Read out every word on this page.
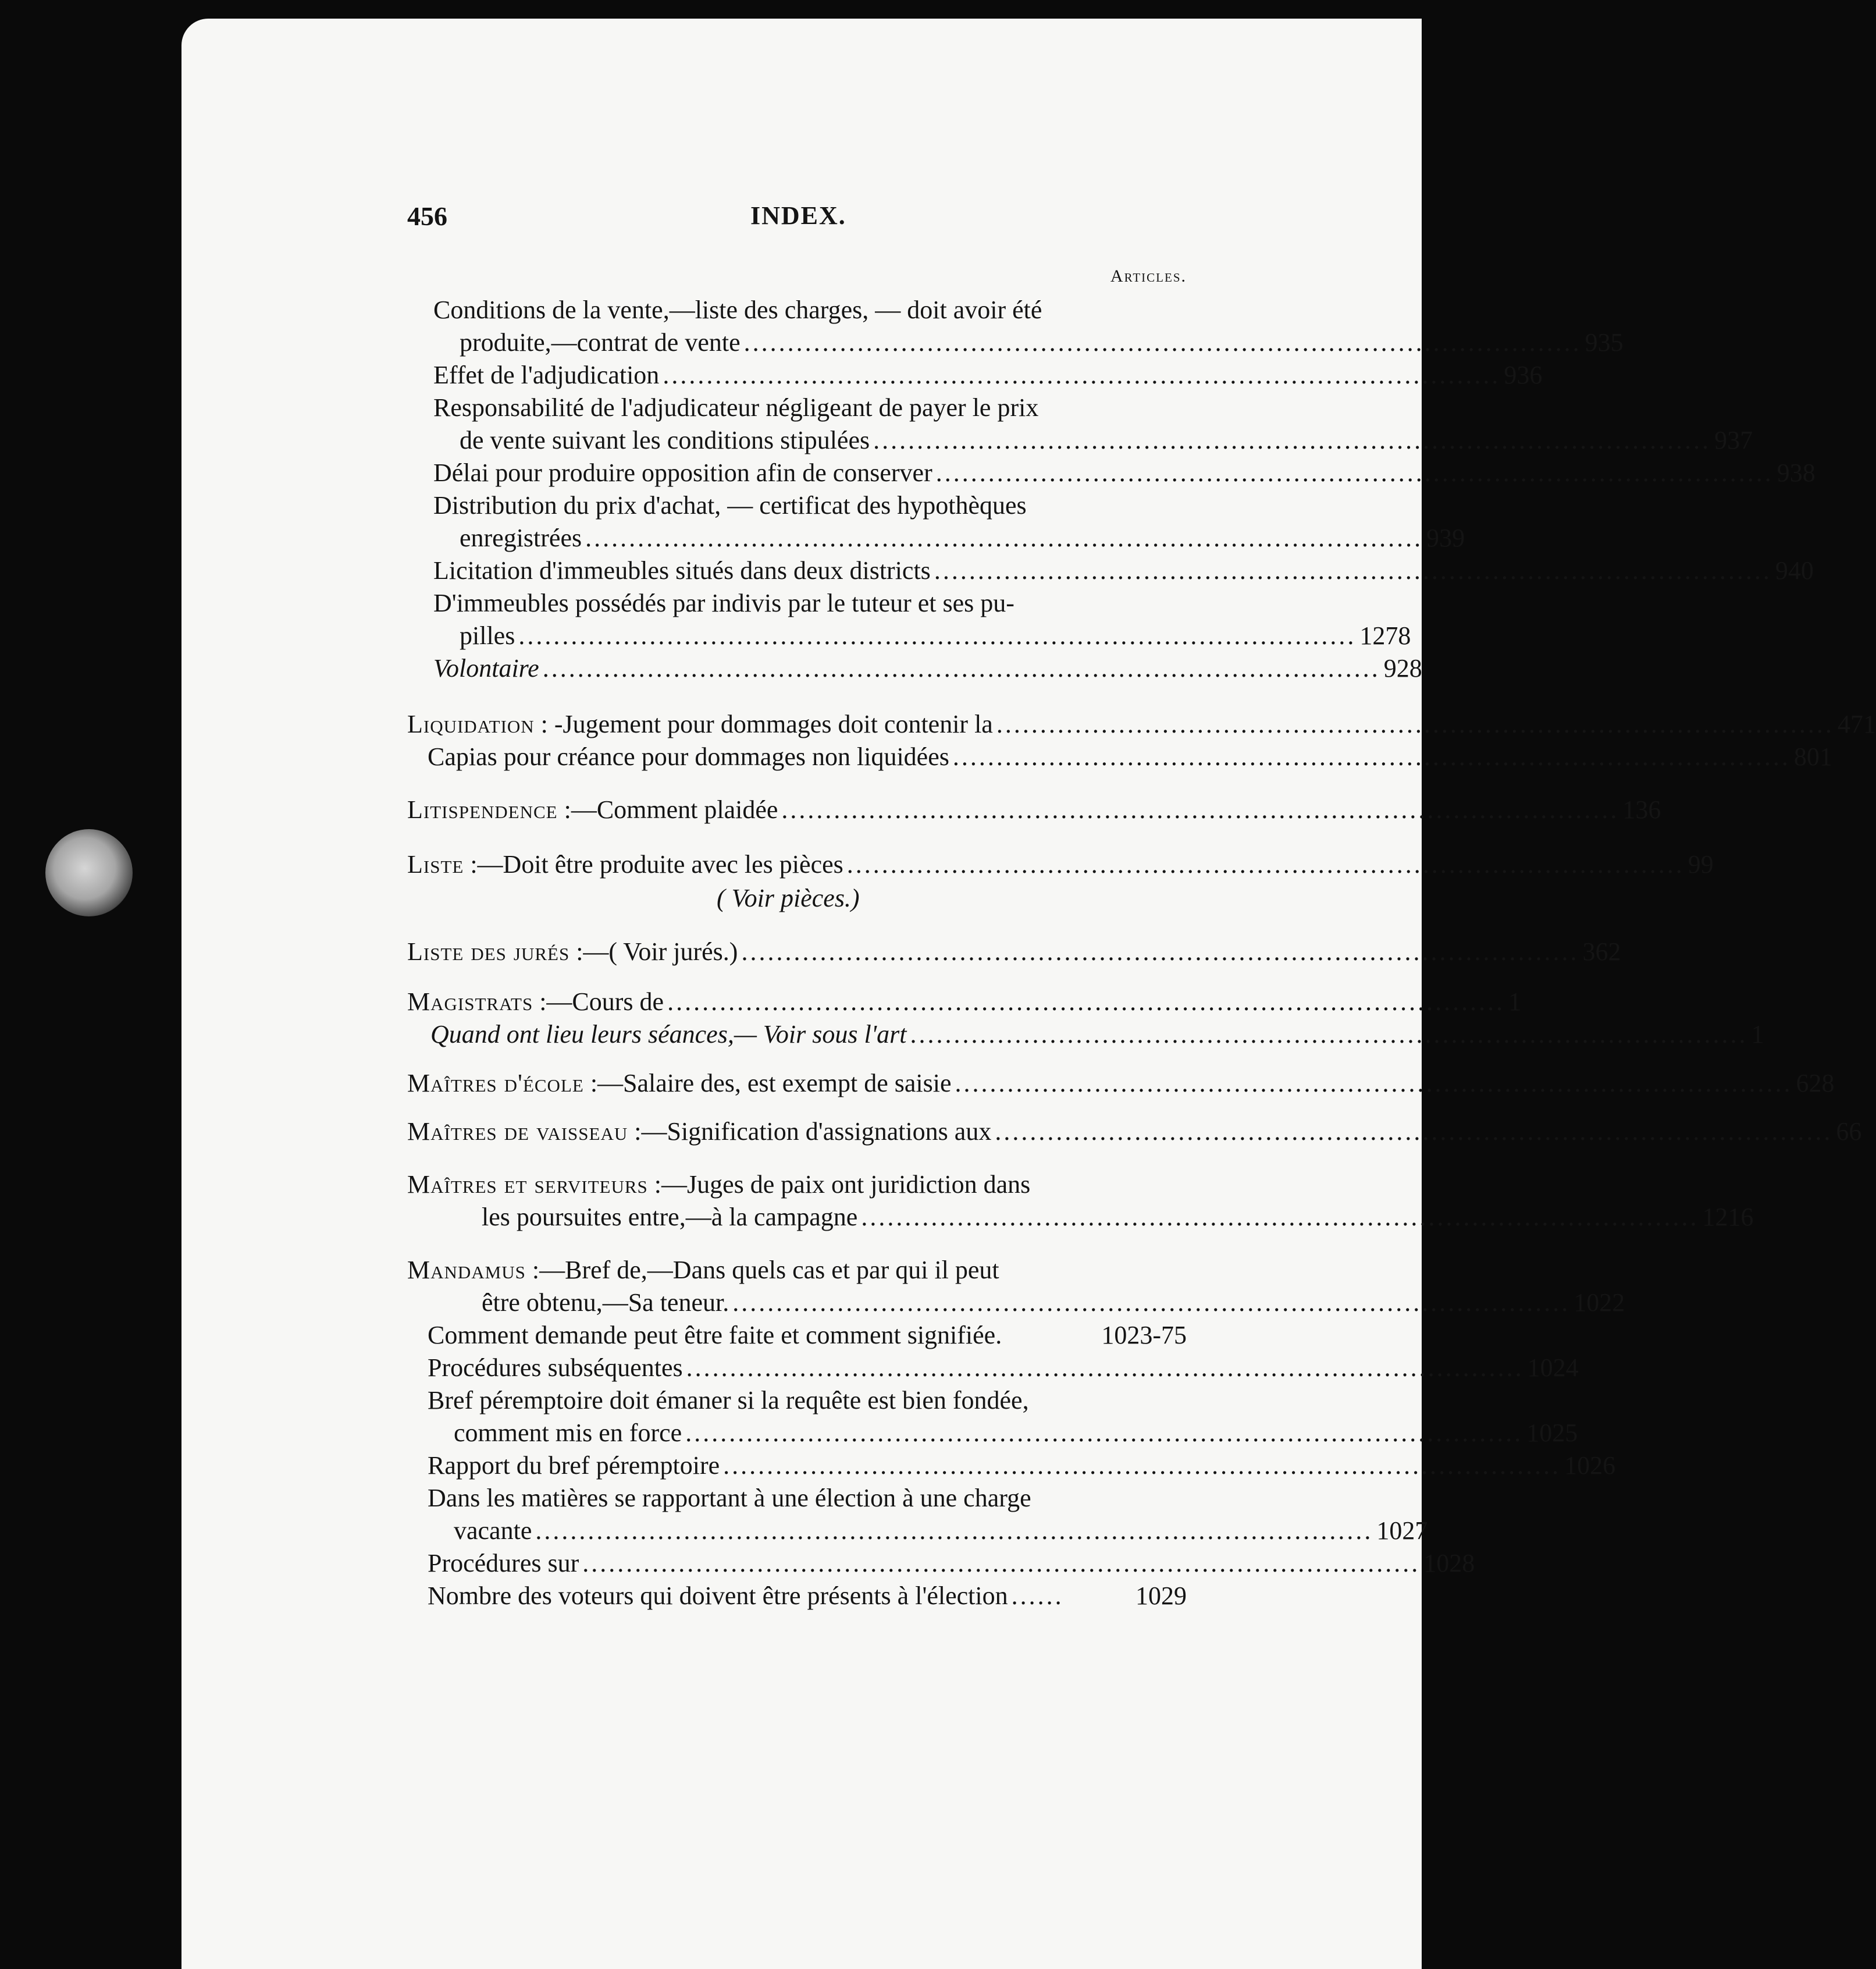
456	INDEX.
Articles.
Conditions de la vente,—liste des charges, — doit avoir été
produite,—contrat de vente ................................................................................................ 935
Effet de l'adjudication ................................................................................................ 936
Responsabilité de l'adjudicateur négligeant de payer le prix
de vente suivant les conditions stipulées ................................................................................................ 937
Délai pour produire opposition afin de conserver ................................................................................................ 938
Distribution du prix d'achat, — certificat des hypothèques
enregistrées ................................................................................................ 939
Licitation d'immeubles situés dans deux districts ................................................................................................ 940
D'immeubles possédés par indivis par le tuteur et ses pu-
pilles ................................................................................................ 1278
Volontaire ................................................................................................ 928
Liquidation : -Jugement pour dommages doit contenir la ................................................................................................ 471
Capias pour créance pour dommages non liquidées ................................................................................................ 801
Litispendence :—Comment plaidée ................................................................................................ 136
Liste :—Doit être produite avec les pièces ................................................................................................ 99
( Voir pièces.)
Liste des jurés :—( Voir jurés.) ................................................................................................ 362
Magistrats :—Cours de ................................................................................................ 1
Quand ont lieu leurs séances,— Voir sous l'art ................................................................................................ 1
Maîtres d'école :—Salaire des, est exempt de saisie ................................................................................................ 628
Maîtres de vaisseau :—Signification d'assignations aux ................................................................................................ 66
Maîtres et serviteurs :—Juges de paix ont juridiction dans
les poursuites entre,—à la campagne ................................................................................................ 1216
Mandamus :—Bref de,—Dans quels cas et par qui il peut
être obtenu,—Sa teneur. ................................................................................................ 1022
Comment demande peut être faite et comment signifiée.	1023-75
Procédures subséquentes ................................................................................................ 1024
Bref péremptoire doit émaner si la requête est bien fondée,
comment mis en force ................................................................................................ 1025
Rapport du bref péremptoire ................................................................................................ 1026
Dans les matières se rapportant à une élection à une charge
vacante ................................................................................................ 1027
Procédures sur ................................................................................................ 1028
Nombre des voteurs qui doivent être présents à l'élection ......	1029
